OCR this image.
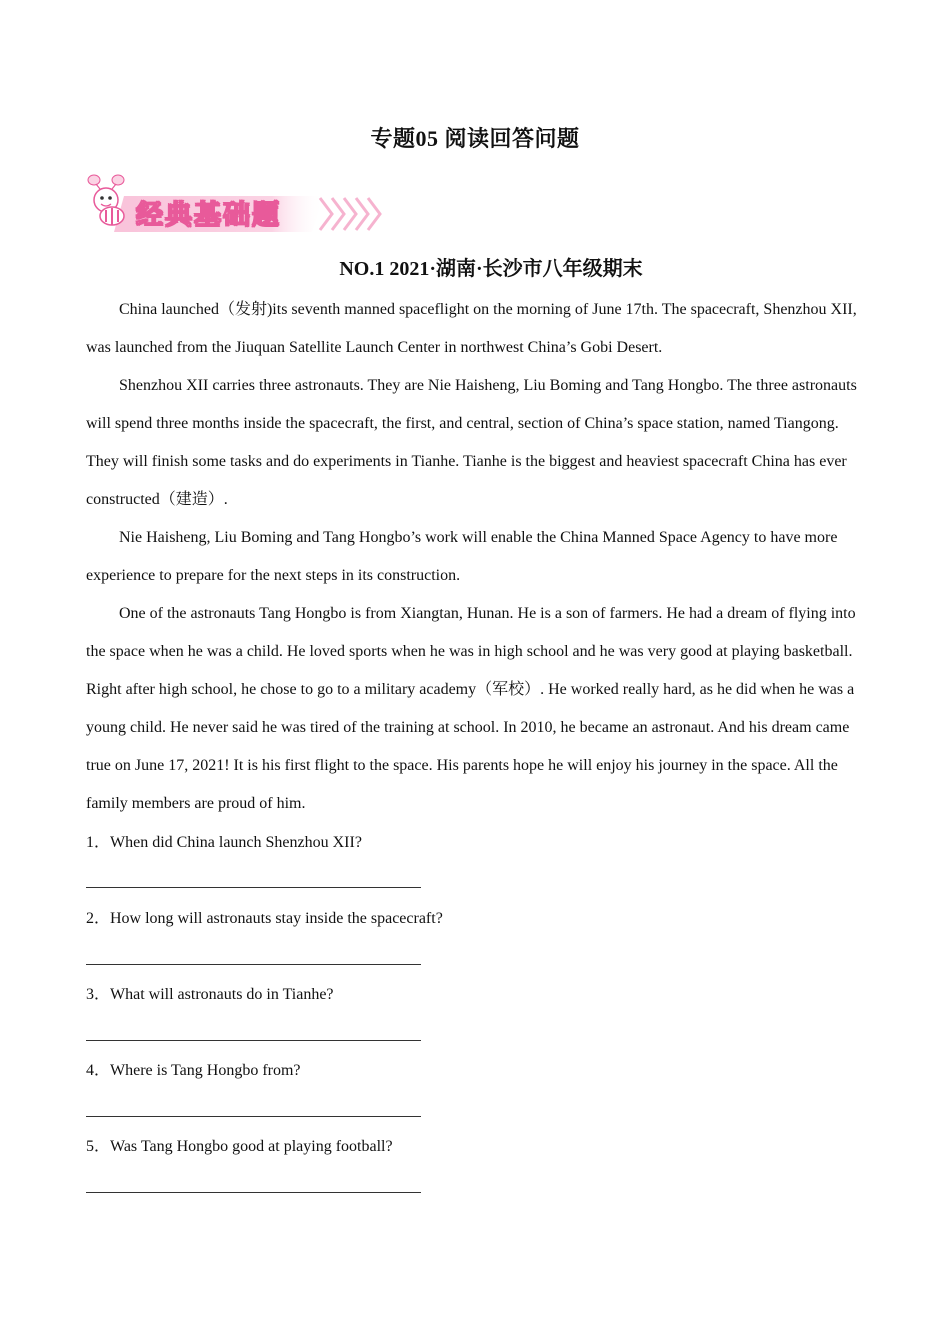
专题05 阅读回答问题
经典基础题
NO.1 2021·湖南·长沙市八年级期末

China launched（发射)its seventh manned spaceflight on the morning of June 17th. The spacecraft, Shenzhou XII, was launched from the Jiuquan Satellite Launch Center in northwest China’s Gobi Desert.

Shenzhou XII carries three astronauts. They are Nie Haisheng, Liu Boming and Tang Hongbo. The three astronauts will spend three months inside the spacecraft, the first, and central, section of China’s space station, named Tiangong. They will finish some tasks and do experiments in Tianhe. Tianhe is the biggest and heaviest spacecraft China has ever constructed（建造）.

Nie Haisheng, Liu Boming and Tang Hongbo’s work will enable the China Manned Space Agency to have more experience to prepare for the next steps in its construction.

One of the astronauts Tang Hongbo is from Xiangtan, Hunan. He is a son of farmers. He had a dream of flying into the space when he was a child. He loved sports when he was in high school and he was very good at playing basketball. Right after high school, he chose to go to a military academy（军校）. He worked really hard, as he did when he was a young child. He never said he was tired of the training at school. In 2010, he became an astronaut. And his dream came true on June 17, 2021! It is his first flight to the space. His parents hope he will enjoy his journey in the space. All the family members are proud of him.

1．When did China launch Shenzhou XII?
2．How long will astronauts stay inside the spacecraft?
3．What will astronauts do in Tianhe?
4．Where is Tang Hongbo from?
5．Was Tang Hongbo good at playing football?
